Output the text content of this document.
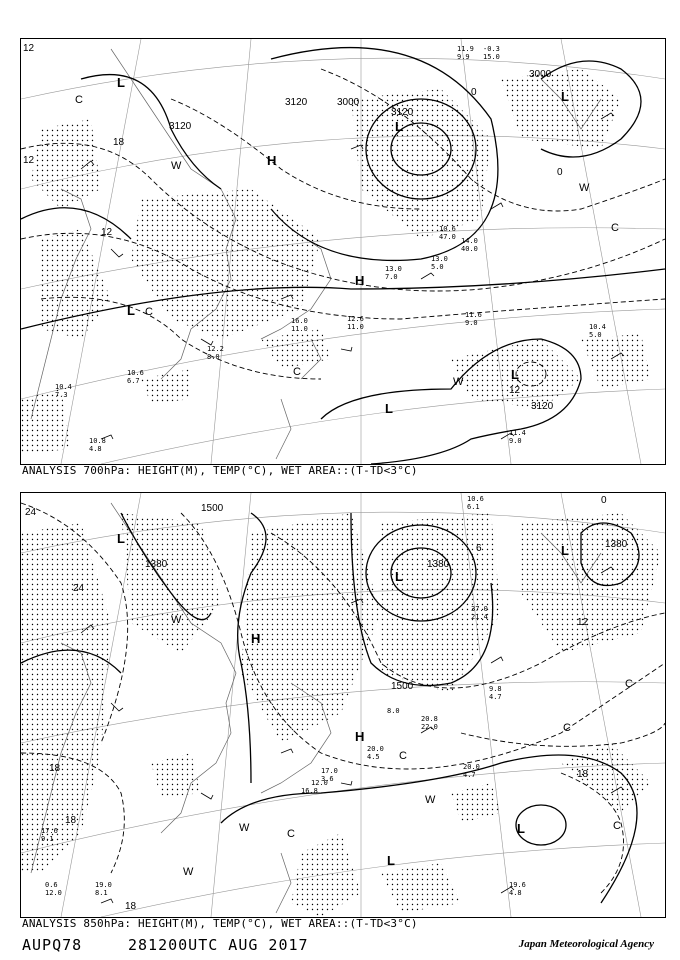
12
12
12
18
0
12
0
3120
3000
3120
3000
3120
3120
L
L
L
L
L
L
H
H
C
C
C
C
W
W
W
11.9
9.9
-0.3
15.0
11.6
9.0	10.4
5.0
11.4
9.0
10.8
4.8
12.2
8.0
10.6
6.7
10.4
7.3
12.6
11.0
13.0
7.0
13.0
5.0
14.0
40.0
10.6
47.0
16.0
11.0
ANALYSIS 700hPa: HEIGHT(M), TEMP(°C), WET AREA::(T-TD<3°C)
24
24
18
18
18
12
18
0
6
1500
1380	1380
1500
1380
L
L
L
L
L
H
H
C
C
C
C
C
W
W
W
W
10.6
6.1
20.0
4.7
19.6
4.8
20.0
4.5
17.0
3.6
12.0
8.0
20.8
22.0
37.0
21.4
9.8
4.7
16.8
0.6
12.0
19.0
8.1
17.6
9.1
ANALYSIS 850hPa: HEIGHT(M), TEMP(°C), WET AREA::(T-TD<3°C)
AUPQ78	281200UTC AUG 2017	Japan Meteorological Agency
